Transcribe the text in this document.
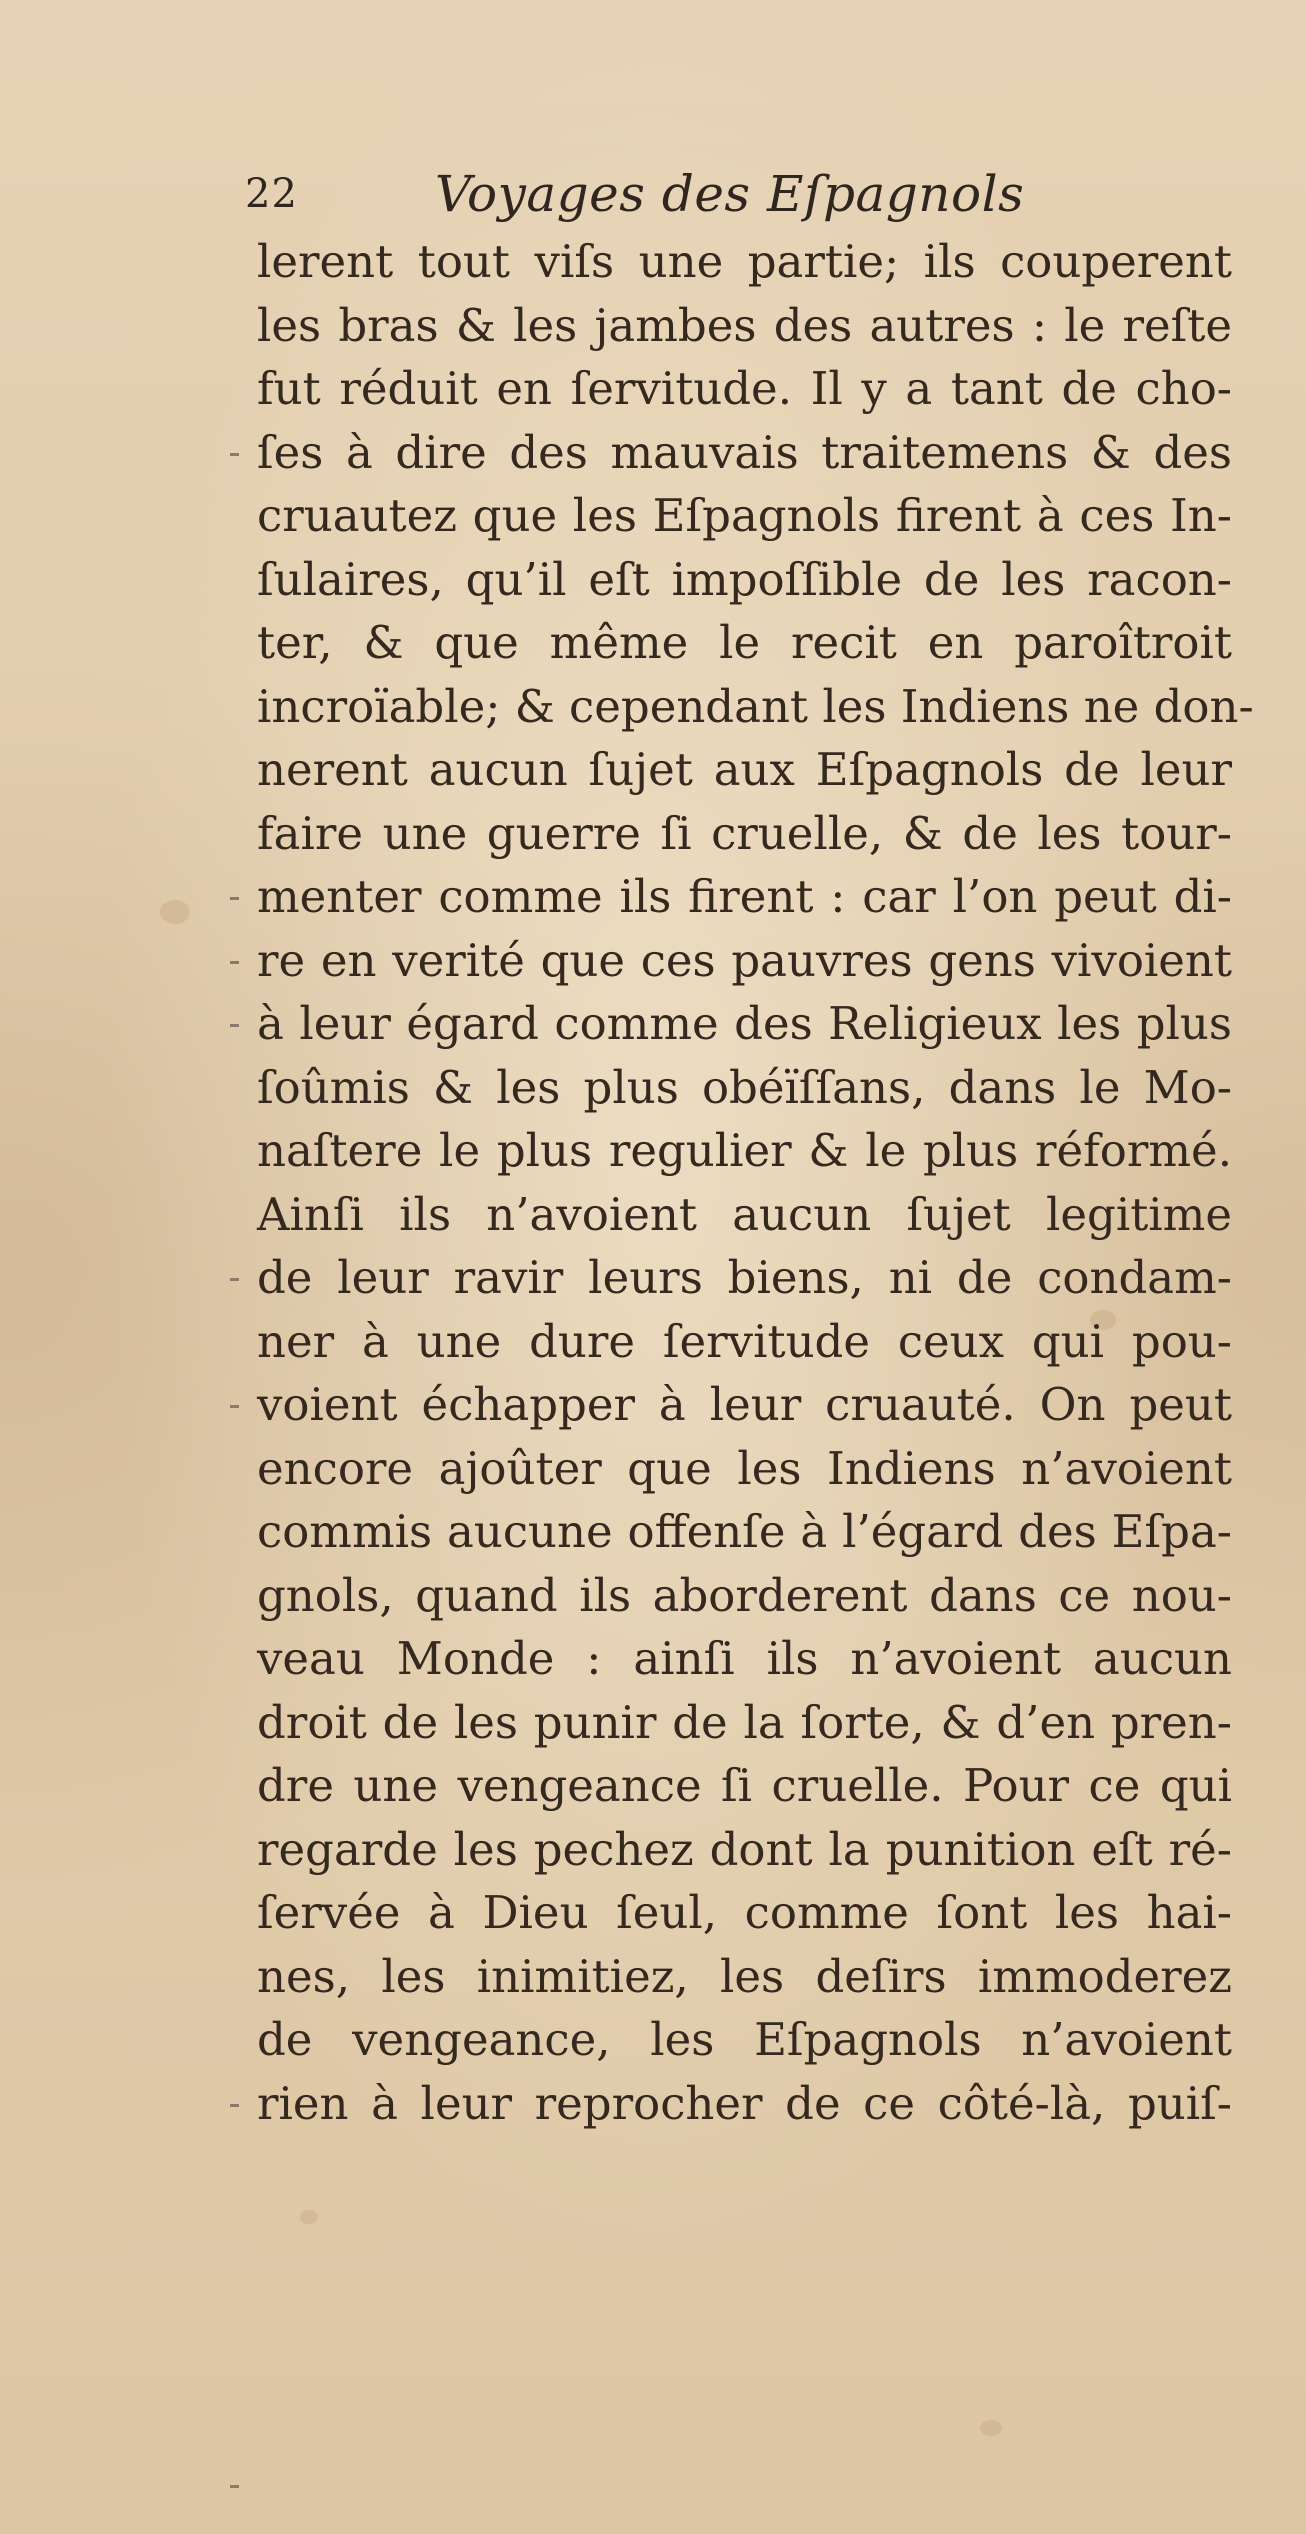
22	Voyages des Eſpagnols
lerent tout viſs une partie; ils couperent
les bras & les jambes des autres : le reſte
fut réduit en ſervitude. Il y a tant de cho-
ſes à dire des mauvais traitemens & des
cruautez que les Eſpagnols firent à ces In-
ſulaires, qu’il eſt impoſſible de les racon-
ter, & que même le recit en paroîtroit
incroïable; & cependant les Indiens ne don-
nerent aucun ſujet aux Eſpagnols de leur
faire une guerre ſi cruelle, & de les tour-
menter comme ils firent : car l’on peut di-
re en verité que ces pauvres gens vivoient
à leur égard comme des Religieux les plus
ſoûmis & les plus obéïſſans, dans le Mo-
naſtere le plus regulier & le plus réformé.
Ainſi ils n’avoient aucun ſujet legitime
de leur ravir leurs biens, ni de condam-
ner à une dure ſervitude ceux qui pou-
voient échapper à leur cruauté. On peut
encore ajoûter que les Indiens n’avoient
commis aucune offenſe à l’égard des Eſpa-
gnols, quand ils aborderent dans ce nou-
veau Monde : ainſi ils n’avoient aucun
droit de les punir de la ſorte, & d’en pren-
dre une vengeance ſi cruelle. Pour ce qui
regarde les pechez dont la punition eſt ré-
ſervée à Dieu ſeul, comme ſont les hai-
nes, les inimitiez, les deſirs immoderez
de vengeance, les Eſpagnols n’avoient
rien à leur reprocher de ce côté-là, puiſ-
